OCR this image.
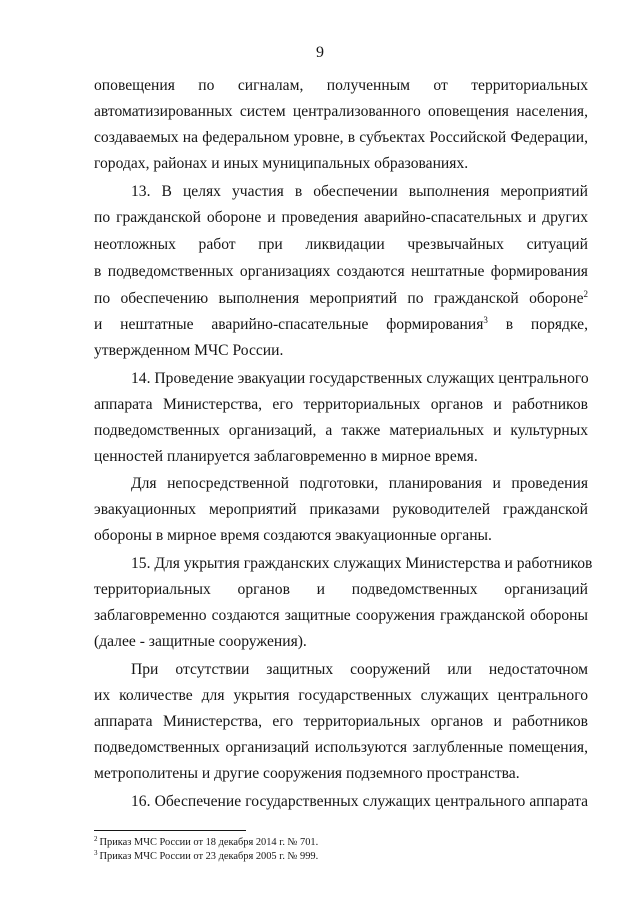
9
оповещения по сигналам, полученным от территориальных
автоматизированных систем централизованного оповещения населения,
создаваемых на федеральном уровне, в субъектах Российской Федерации,
городах, районах и иных муниципальных образованиях.
13. В целях участия в обеспечении выполнения мероприятий
по гражданской обороне и проведения аварийно-спасательных и других
неотложных работ при ликвидации чрезвычайных ситуаций
в подведомственных организациях создаются нештатные формирования
по обеспечению выполнения мероприятий по гражданской обороне$^2$
и нештатные аварийно-спасательные формирования$^3$ в порядке,
утвержденном МЧС России.
14. Проведение эвакуации государственных служащих центрального
аппарата Министерства, его территориальных органов и работников
подведомственных организаций, а также материальных и культурных
ценностей планируется заблаговременно в мирное время.
Для непосредственной подготовки, планирования и проведения
эвакуационных мероприятий приказами руководителей гражданской
обороны в мирное время создаются эвакуационные органы.
15. Для укрытия гражданских служащих Министерства и работников
территориальных органов и подведомственных организаций
заблаговременно создаются защитные сооружения гражданской обороны
(далее - защитные сооружения).
При отсутствии защитных сооружений или недостаточном
их количестве для укрытия государственных служащих центрального
аппарата Министерства, его территориальных органов и работников
подведомственных организаций используются заглубленные помещения,
метрополитены и другие сооружения подземного пространства.
16. Обеспечение государственных служащих центрального аппарата
$^2$ Приказ МЧС России от 18 декабря 2014 г. № 701.
$^3$ Приказ МЧС России от 23 декабря 2005 г. № 999.
